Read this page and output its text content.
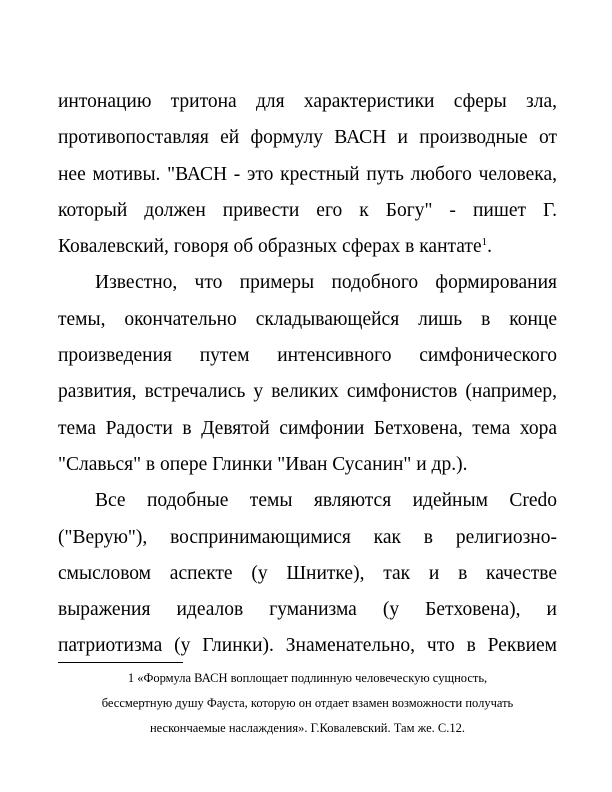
интонацию тритона для характеристики сферы зла,
противопоставляя ей формулу ВАСН и производные от
нее мотивы. "ВАСН - это крестный путь любого человека,
который должен привести его к Богу" - пишет Г.
Ковалевский, говоря об образных сферах в кантате$^1$.
Известно, что примеры подобного формирования
темы, окончательно складывающейся лишь в конце
произведения путем интенсивного симфонического
развития, встречались у великих симфонистов (например,
тема Радости в Девятой симфонии Бетховена, тема хора
"Славься" в опере Глинки "Иван Сусанин" и др.).
Все подобные темы являются идейным Credo
("Верую"), воспринимающимися как в религиозно-
смысловом аспекте (у Шнитке), так и в качестве
выражения идеалов гуманизма (у Бетховена), и
патриотизма (у Глинки). Знаменательно, что в Реквием
1 «Формула ВАСН воплощает подлинную человеческую сущность,
бессмертную душу Фауста, которую он отдает взамен возможности получать
нескончаемые наслаждения». Г.Ковалевский. Там же. С.12.
